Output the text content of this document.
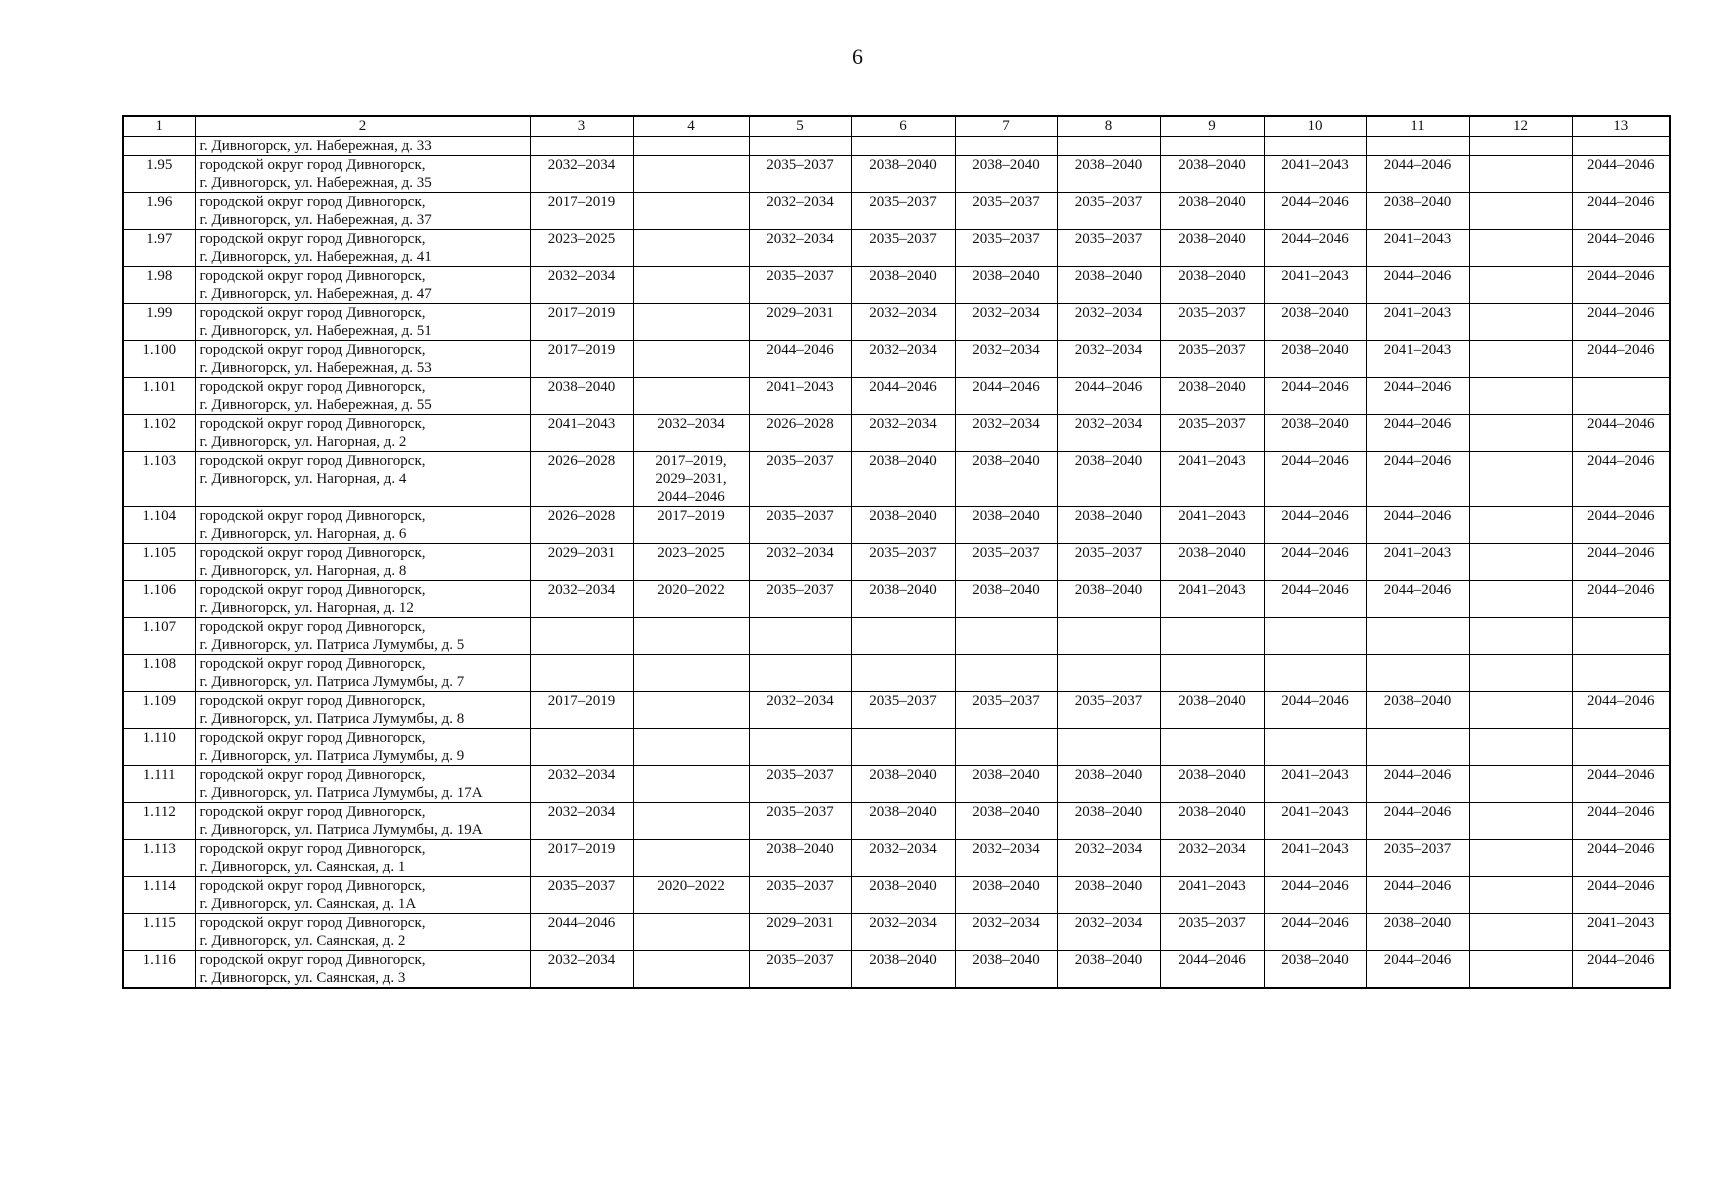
6
1	2	3	4	5	6	7	8	9	10	11	12	13
	г. Дивногорск, ул. Набережная, д. 33											
1.95	городской округ город Дивногорск,
г. Дивногорск, ул. Набережная, д. 35	2032–2034		2035–2037	2038–2040	2038–2040	2038–2040	2038–2040	2041–2043	2044–2046		2044–2046
1.96	городской округ город Дивногорск,
г. Дивногорск, ул. Набережная, д. 37	2017–2019		2032–2034	2035–2037	2035–2037	2035–2037	2038–2040	2044–2046	2038–2040		2044–2046
1.97	городской округ город Дивногорск,
г. Дивногорск, ул. Набережная, д. 41	2023–2025		2032–2034	2035–2037	2035–2037	2035–2037	2038–2040	2044–2046	2041–2043		2044–2046
1.98	городской округ город Дивногорск,
г. Дивногорск, ул. Набережная, д. 47	2032–2034		2035–2037	2038–2040	2038–2040	2038–2040	2038–2040	2041–2043	2044–2046		2044–2046
1.99	городской округ город Дивногорск,
г. Дивногорск, ул. Набережная, д. 51	2017–2019		2029–2031	2032–2034	2032–2034	2032–2034	2035–2037	2038–2040	2041–2043		2044–2046
1.100	городской округ город Дивногорск,
г. Дивногорск, ул. Набережная, д. 53	2017–2019		2044–2046	2032–2034	2032–2034	2032–2034	2035–2037	2038–2040	2041–2043		2044–2046
1.101	городской округ город Дивногорск,
г. Дивногорск, ул. Набережная, д. 55	2038–2040		2041–2043	2044–2046	2044–2046	2044–2046	2038–2040	2044–2046	2044–2046		
1.102	городской округ город Дивногорск,
г. Дивногорск, ул. Нагорная, д. 2	2041–2043	2032–2034	2026–2028	2032–2034	2032–2034	2032–2034	2035–2037	2038–2040	2044–2046		2044–2046
1.103	городской округ город Дивногорск,
г. Дивногорск, ул. Нагорная, д. 4	2026–2028	2017–2019,
2029–2031,
2044–2046	2035–2037	2038–2040	2038–2040	2038–2040	2041–2043	2044–2046	2044–2046		2044–2046
1.104	городской округ город Дивногорск,
г. Дивногорск, ул. Нагорная, д. 6	2026–2028	2017–2019	2035–2037	2038–2040	2038–2040	2038–2040	2041–2043	2044–2046	2044–2046		2044–2046
1.105	городской округ город Дивногорск,
г. Дивногорск, ул. Нагорная, д. 8	2029–2031	2023–2025	2032–2034	2035–2037	2035–2037	2035–2037	2038–2040	2044–2046	2041–2043		2044–2046
1.106	городской округ город Дивногорск,
г. Дивногорск, ул. Нагорная, д. 12	2032–2034	2020–2022	2035–2037	2038–2040	2038–2040	2038–2040	2041–2043	2044–2046	2044–2046		2044–2046
1.107	городской округ город Дивногорск,
г. Дивногорск, ул. Патриса Лумумбы, д. 5											
1.108	городской округ город Дивногорск,
г. Дивногорск, ул. Патриса Лумумбы, д. 7											
1.109	городской округ город Дивногорск,
г. Дивногорск, ул. Патриса Лумумбы, д. 8	2017–2019		2032–2034	2035–2037	2035–2037	2035–2037	2038–2040	2044–2046	2038–2040		2044–2046
1.110	городской округ город Дивногорск,
г. Дивногорск, ул. Патриса Лумумбы, д. 9											
1.111	городской округ город Дивногорск,
г. Дивногорск, ул. Патриса Лумумбы, д. 17А	2032–2034		2035–2037	2038–2040	2038–2040	2038–2040	2038–2040	2041–2043	2044–2046		2044–2046
1.112	городской округ город Дивногорск,
г. Дивногорск, ул. Патриса Лумумбы, д. 19А	2032–2034		2035–2037	2038–2040	2038–2040	2038–2040	2038–2040	2041–2043	2044–2046		2044–2046
1.113	городской округ город Дивногорск,
г. Дивногорск, ул. Саянская, д. 1	2017–2019		2038–2040	2032–2034	2032–2034	2032–2034	2032–2034	2041–2043	2035–2037		2044–2046
1.114	городской округ город Дивногорск,
г. Дивногорск, ул. Саянская, д. 1А	2035–2037	2020–2022	2035–2037	2038–2040	2038–2040	2038–2040	2041–2043	2044–2046	2044–2046		2044–2046
1.115	городской округ город Дивногорск,
г. Дивногорск, ул. Саянская, д. 2	2044–2046		2029–2031	2032–2034	2032–2034	2032–2034	2035–2037	2044–2046	2038–2040		2041–2043
1.116	городской округ город Дивногорск,
г. Дивногорск, ул. Саянская, д. 3	2032–2034		2035–2037	2038–2040	2038–2040	2038–2040	2044–2046	2038–2040	2044–2046		2044–2046
